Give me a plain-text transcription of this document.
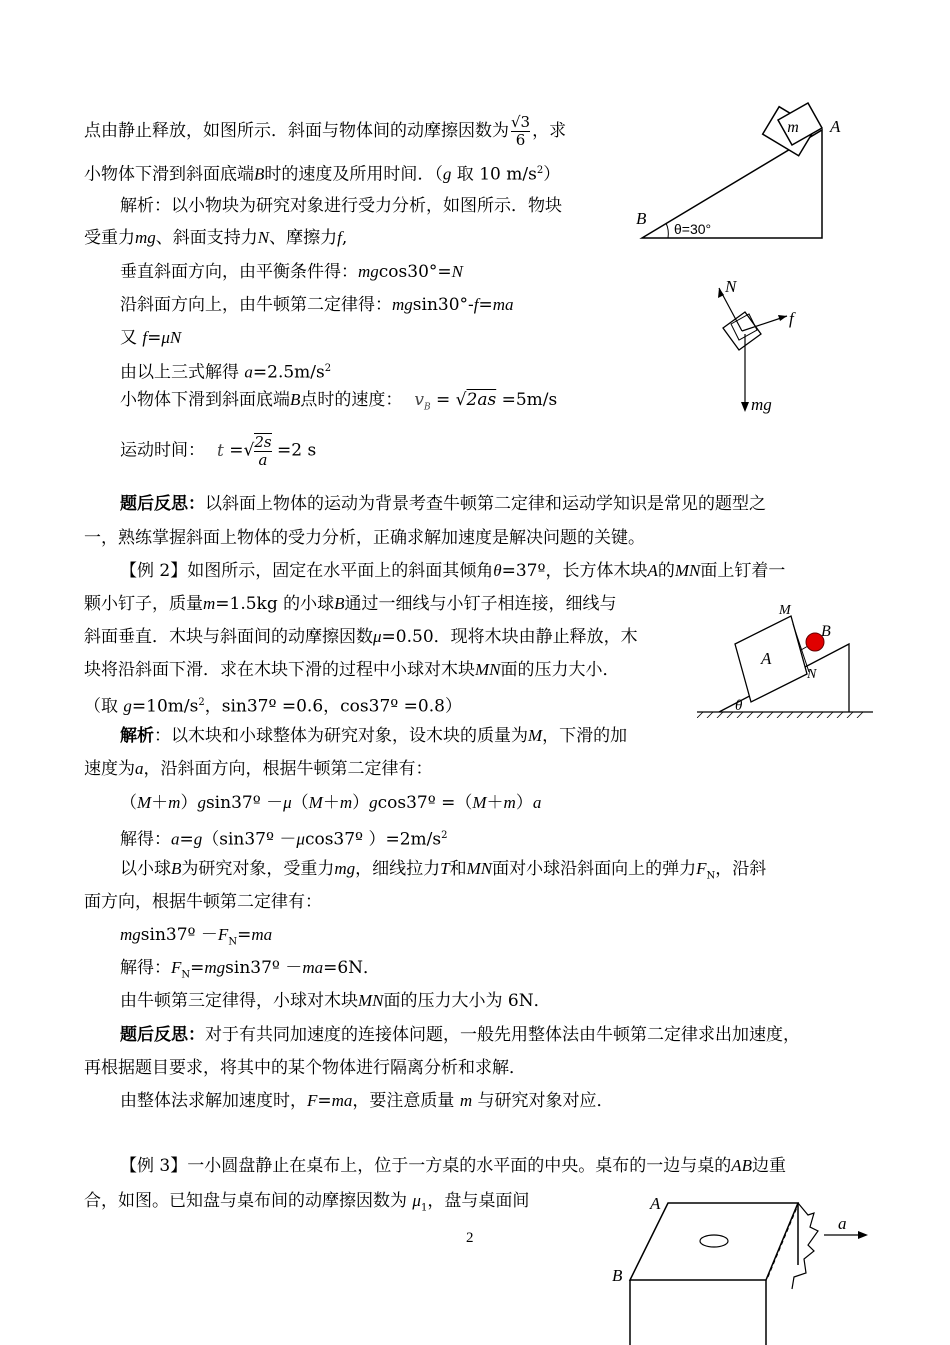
点由静止释放，如图所示．斜面与物体间的动摩擦因数为 $\frac{√3}{6}$ ，求
小物体下滑到斜面底端B时的速度及所用时间．（g 取 10 $m/s^2$）
解析：以小物块为研究对象进行受力分析，如图所示．物块
受重力mg、斜面支持力N、摩擦力f,
垂直斜面方向，由平衡条件得：mgcos30°=N
沿斜面方向上，由牛顿第二定律得：mgsin30°-f=ma
又 f=μN
由以上三式解得 $a=2.5m/s^2$
小物体下滑到斜面底端B点时的速度： $v_B = √2as =5m/s$
运动时间： t =√ $\frac{2s}{a} =2$ s
题后反思：以斜面上物体的运动为背景考查牛顿第二定律和运动学知识是常见的题型之
一，熟练掌握斜面上物体的受力分析，正确求解加速度是解决问题的关键。
【例 2】如图所示，固定在水平面上的斜面其倾角θ=37º，长方体木块A的MN面上钉着一
颗小钉子，质量m=1.5kg 的小球B通过一细线与小钉子相连接，细线与
斜面垂直．木块与斜面间的动摩擦因数μ=0.50．现将木块由静止释放，木
块将沿斜面下滑．求在木块下滑的过程中小球对木块MN面的压力大小．
（取 $g=10m/s^2$，sin37º =0.6，cos37º =0.8）
解析：以木块和小球整体为研究对象，设木块的质量为M，下滑的加
速度为a，沿斜面方向，根据牛顿第二定律有：
（M＋m）gsin37º －μ（M＋m）gcos37º =（M＋m）a
解得：a=g（sin37º －μcos37º ）$=2m/s^2$
以小球B为研究对象，受重力mg，细线拉力T和MN面对小球沿斜面向上的弹力$F_N$，沿斜
面方向，根据牛顿第二定律有：
mgsin37º $-F_N=ma$
解得：$F_N=mgsin37º -ma=6N$．
由牛顿第三定律得，小球对木块MN面的压力大小为 6N．
题后反思：对于有共同加速度的连接体问题，一般先用整体法由牛顿第二定律求出加速度，
再根据题目要求，将其中的某个物体进行隔离分析和求解．
由整体法求解加速度时，F=ma，要注意质量 m 与研究对象对应．
【例 3】一小圆盘静止在桌布上，位于一方桌的水平面的中央。桌布的一边与桌的AB边重
合，如图。已知盘与桌布间的动摩擦因数为 $\mu_1$，盘与桌面间
m A
B
θ=30°
N
f
mg
M
B
A
N
θ
A
B
a
2
